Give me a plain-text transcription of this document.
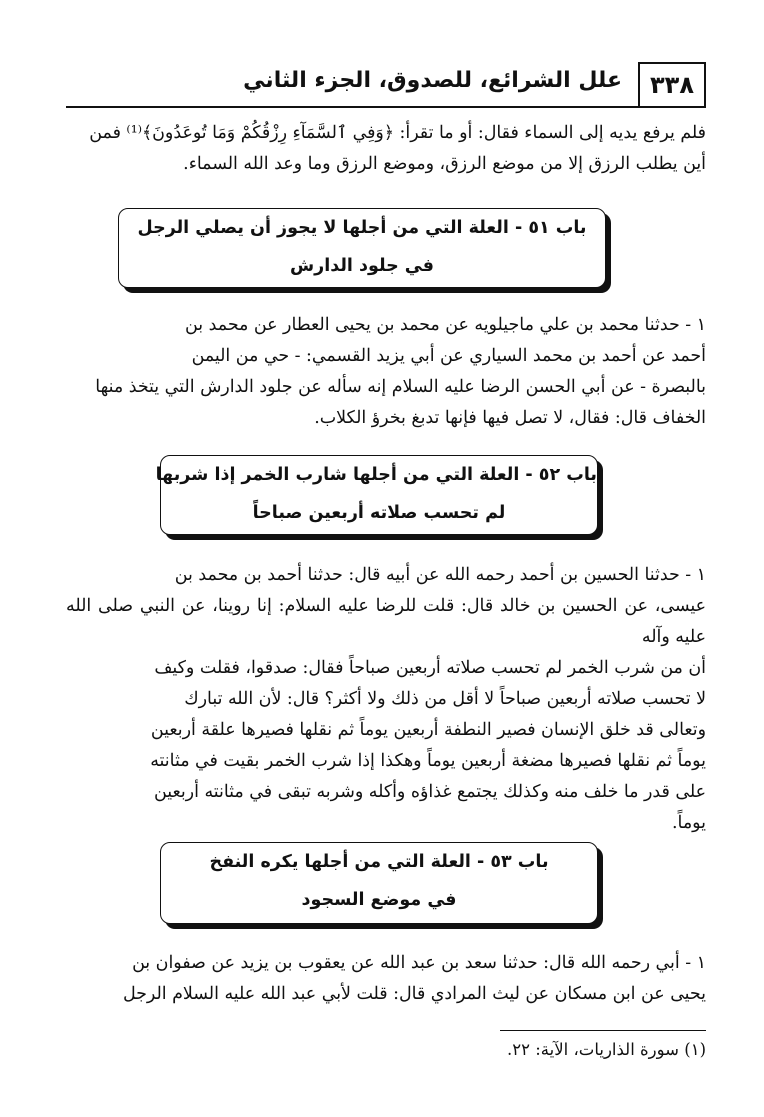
٣٣٨
علل الشرائع، للصدوق، الجزء الثاني
فلم يرفع يديه إلى السماء فقال: أو ما تقرأ: ﴿وَفِي ٱلسَّمَآءِ رِزْقُكُمْ وَمَا تُوعَدُونَ﴾⁽¹⁾ فمن
أين يطلب الرزق إلا من موضع الرزق، وموضع الرزق وما وعد الله السماء.
باب ٥١ - العلة التي من أجلها لا يجوز أن يصلي الرجل
في جلود الدارش
١ - حدثنا محمد بن علي ماجيلويه عن محمد بن يحيى العطار عن محمد بن
أحمد عن أحمد بن محمد السياري عن أبي يزيد القسمي: - حي من اليمن
بالبصرة - عن أبي الحسن الرضا عليه السلام إنه سأله عن جلود الدارش التي يتخذ منها
الخفاف قال: فقال، لا تصل فيها فإنها تدبغ بخرؤ الكلاب.
باب ٥٢ - العلة التي من أجلها شارب الخمر إذا شربها
لم تحسب صلاته أربعين صباحاً
١ - حدثنا الحسين بن أحمد رحمه الله عن أبيه قال: حدثنا أحمد بن محمد بن
عيسى، عن الحسين بن خالد قال: قلت للرضا عليه السلام: إنا روينا، عن النبي صلى الله عليه وآله
أن من شرب الخمر لم تحسب صلاته أربعين صباحاً فقال: صدقوا، فقلت وكيف
لا تحسب صلاته أربعين صباحاً لا أقل من ذلك ولا أكثر؟ قال: لأن الله تبارك
وتعالى قد خلق الإنسان فصير النطفة أربعين يوماً ثم نقلها فصيرها علقة أربعين
يوماً ثم نقلها فصيرها مضغة أربعين يوماً وهكذا إذا شرب الخمر بقيت في مثانته
على قدر ما خلف منه وكذلك يجتمع غذاؤه وأكله وشربه تبقى في مثانته أربعين
يوماً.
باب ٥٣ - العلة التي من أجلها يكره النفخ
في موضع السجود
١ - أبي رحمه الله قال: حدثنا سعد بن عبد الله عن يعقوب بن يزيد عن صفوان بن
يحيى عن ابن مسكان عن ليث المرادي قال: قلت لأبي عبد الله عليه السلام الرجل
(١) سورة الذاريات، الآية: ٢٢.
